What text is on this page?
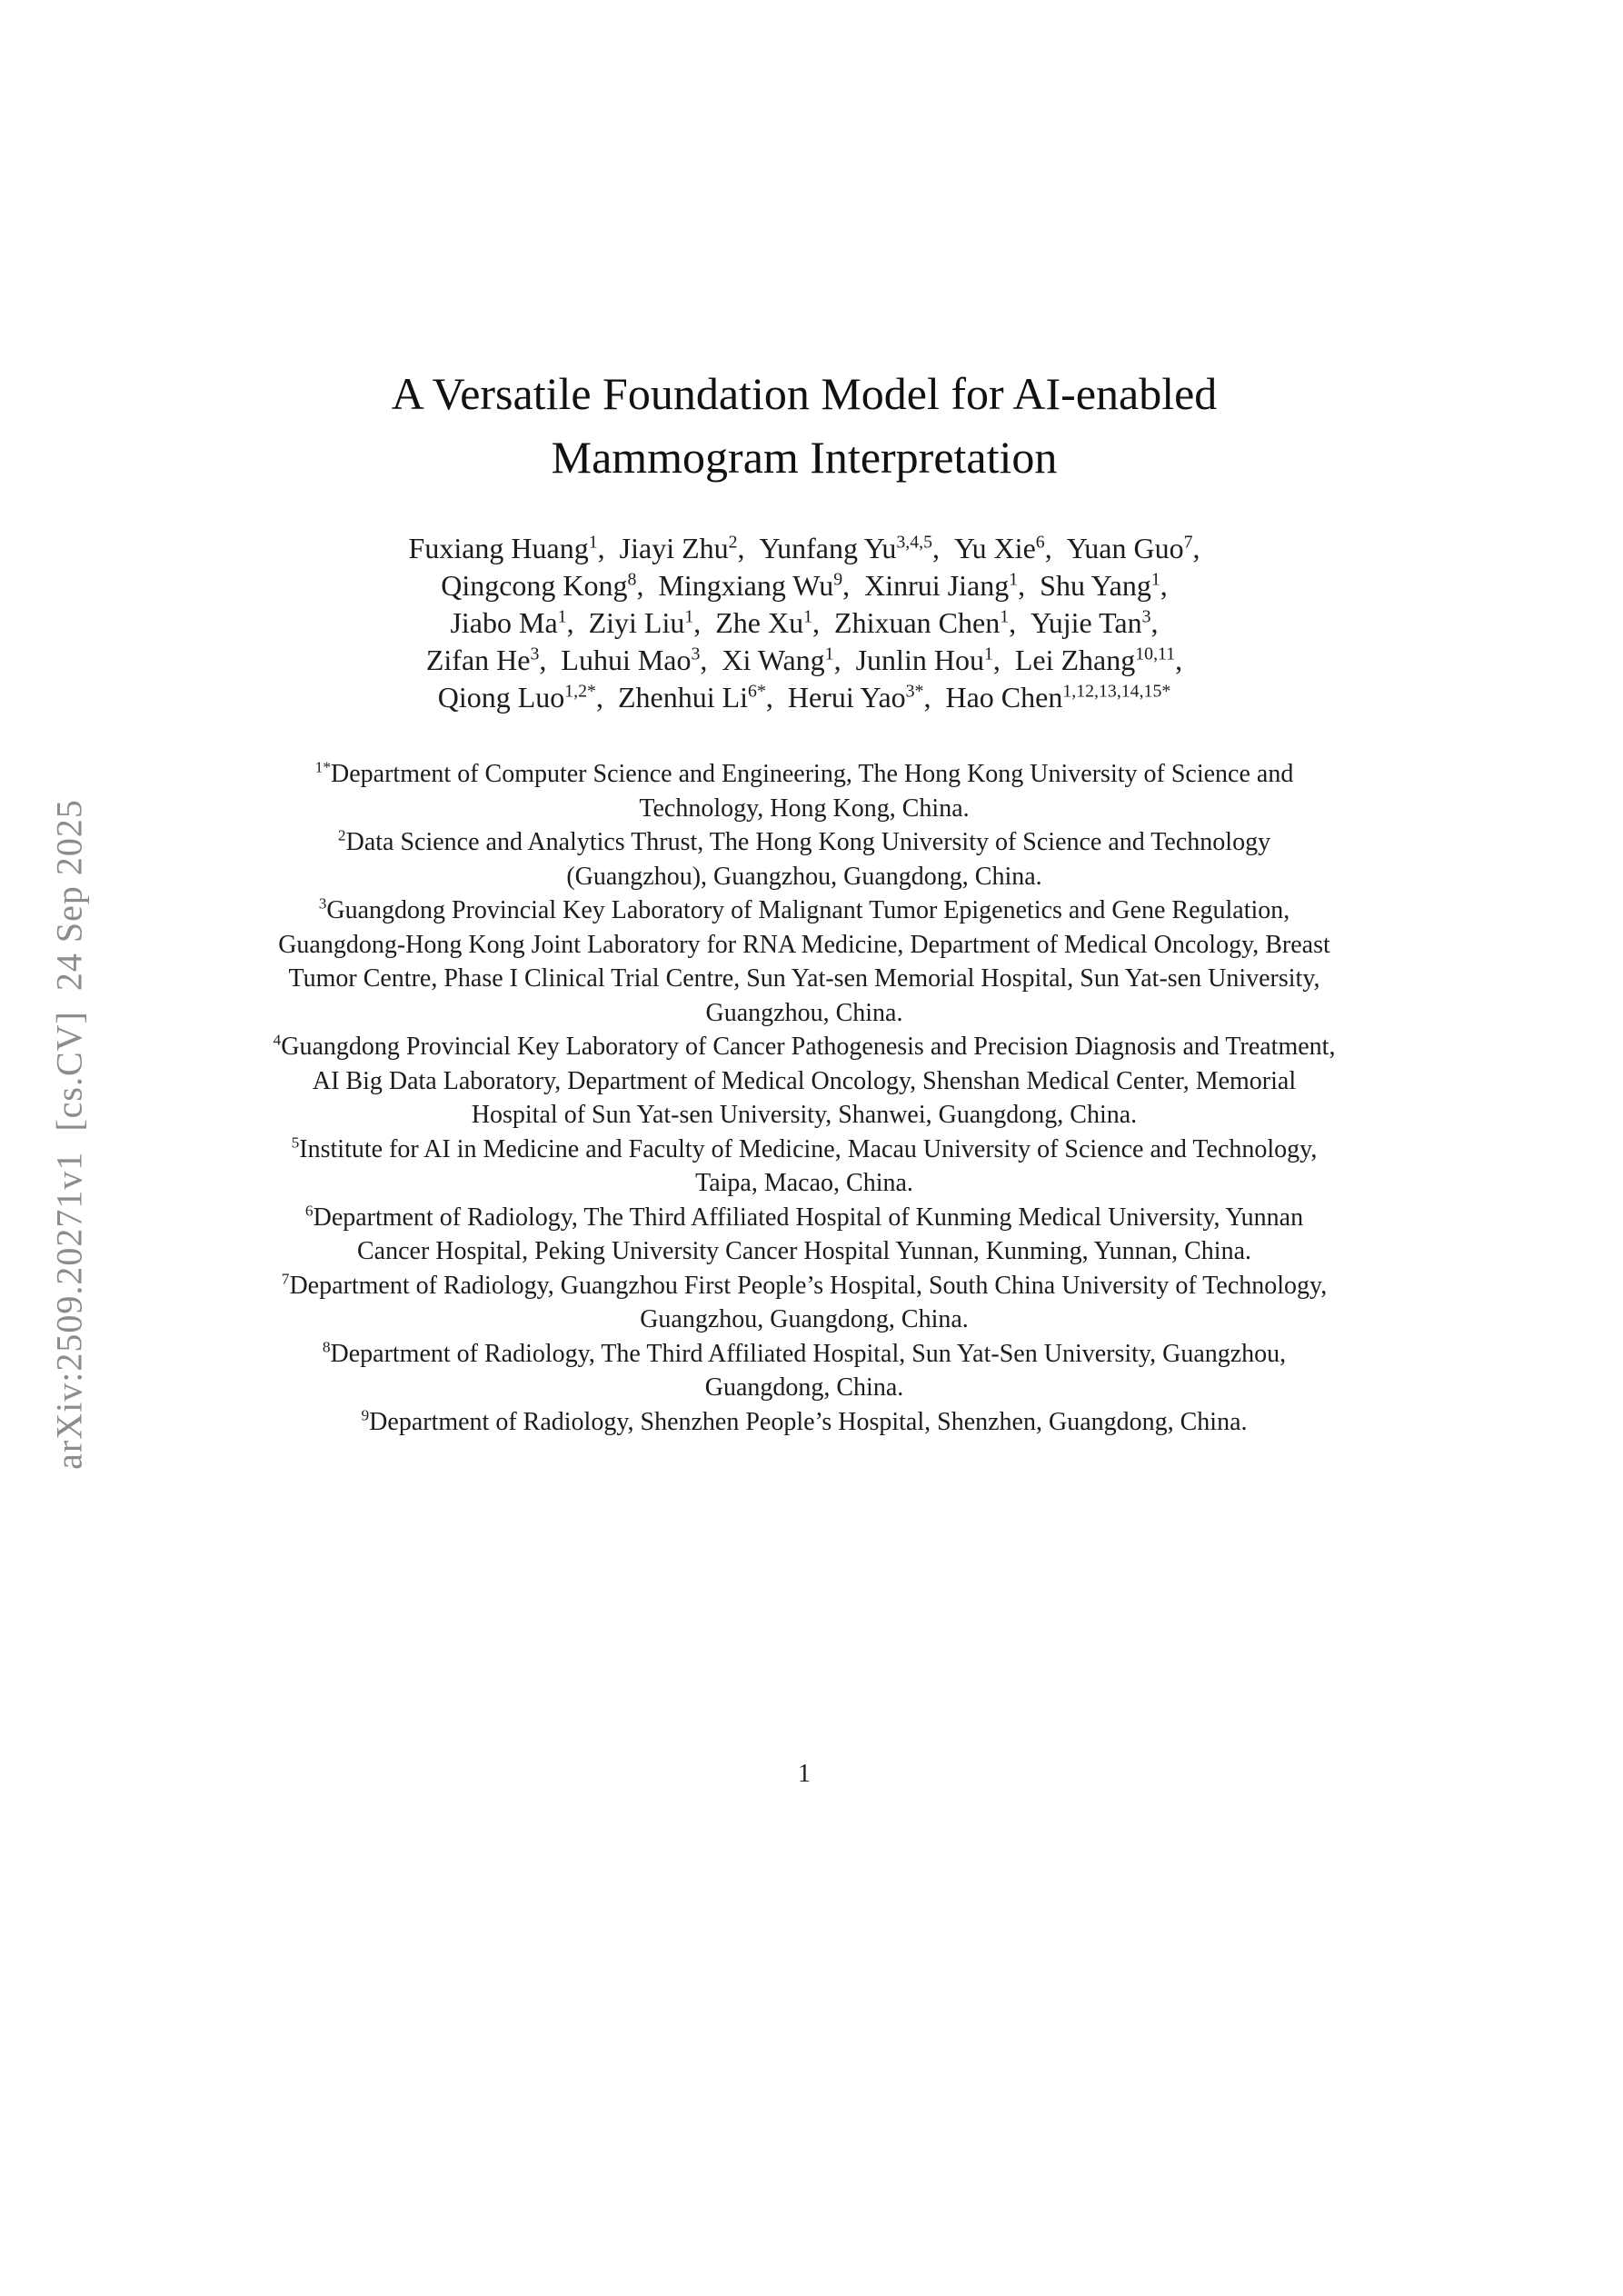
arXiv:2509.20271v1  [cs.CV]  24 Sep 2025
A Versatile Foundation Model for AI-enabled
Mammogram Interpretation
Fuxiang Huang$^1$, Jiayi Zhu$^2$, Yunfang Yu$^{3,4,5}$, Yu Xie$^6$, Yuan Guo$^7$,
Qingcong Kong$^8$, Mingxiang Wu$^9$, Xinrui Jiang$^1$, Shu Yang$^1$,
Jiabo Ma$^1$, Ziyi Liu$^1$, Zhe Xu$^1$, Zhixuan Chen$^1$, Yujie Tan$^3$,
Zifan He$^3$, Luhui Mao$^3$, Xi Wang$^1$, Junlin Hou$^1$, Lei Zhang$^{10,11}$,
Qiong Luo$^{1,2*}$, Zhenhui $Li^{6*}$, Herui Yao$^{3*}$, Hao Chen$^{1,12,13,14,15*}$
$^{1*}$Department of Computer Science and Engineering, The Hong Kong University of Science and Technology, Hong Kong, China.
$^2$Data Science and Analytics Thrust, The Hong Kong University of Science and Technology (Guangzhou), Guangzhou, Guangdong, China.
$^3$Guangdong Provincial Key Laboratory of Malignant Tumor Epigenetics and Gene Regulation, Guangdong-Hong Kong Joint Laboratory for RNA Medicine, Department of Medical Oncology, Breast Tumor Centre, Phase I Clinical Trial Centre, Sun Yat-sen Memorial Hospital, Sun Yat-sen University, Guangzhou, China.
$^4$Guangdong Provincial Key Laboratory of Cancer Pathogenesis and Precision Diagnosis and Treatment, AI Big Data Laboratory, Department of Medical Oncology, Shenshan Medical Center, Memorial Hospital of Sun Yat-sen University, Shanwei, Guangdong, China.
$^5$Institute for AI in Medicine and Faculty of Medicine, Macau University of Science and Technology, Taipa, Macao, China.
$^6$Department of Radiology, The Third Affiliated Hospital of Kunming Medical University, Yunnan Cancer Hospital, Peking University Cancer Hospital Yunnan, Kunming, Yunnan, China.
$^7$Department of Radiology, Guangzhou First People’s Hospital, South China University of Technology, Guangzhou, Guangdong, China.
$^8$Department of Radiology, The Third Affiliated Hospital, Sun Yat-Sen University, Guangzhou, Guangdong, China.
$^9$Department of Radiology, Shenzhen People’s Hospital, Shenzhen, Guangdong, China.
1
